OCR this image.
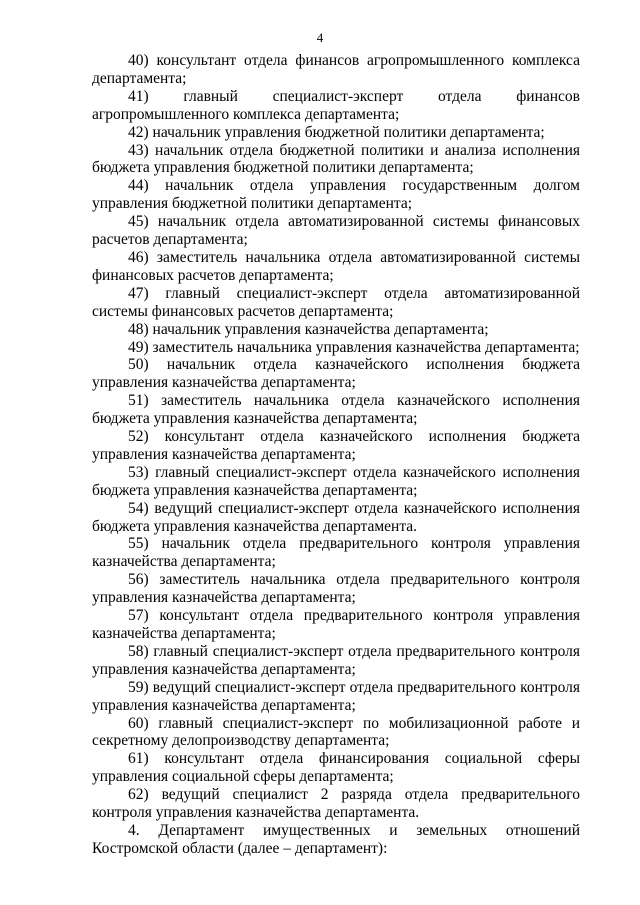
4

40) консультант отдела финансов агропромышленного комплекса департамента;

41) главный специалист-эксперт отдела финансов агропромышленного комплекса департамента;

42) начальник управления бюджетной политики департамента;

43) начальник отдела бюджетной политики и анализа исполнения бюджета управления бюджетной политики департамента;

44) начальник отдела управления государственным долгом управления бюджетной политики департамента;

45) начальник отдела автоматизированной системы финансовых расчетов департамента;

46) заместитель начальника отдела автоматизированной системы финансовых расчетов департамента;

47) главный специалист-эксперт отдела автоматизированной системы финансовых расчетов департамента;

48) начальник управления казначейства департамента;

49) заместитель начальника управления казначейства департамента;

50) начальник отдела казначейского исполнения бюджета управления казначейства департамента;

51) заместитель начальника отдела казначейского исполнения бюджета управления казначейства департамента;

52) консультант отдела казначейского исполнения бюджета управления казначейства департамента;

53) главный специалист-эксперт отдела казначейского исполнения бюджета управления казначейства департамента;

54) ведущий специалист-эксперт отдела казначейского исполнения бюджета управления казначейства департамента.

55) начальник отдела предварительного контроля управления казначейства департамента;

56) заместитель начальника отдела предварительного контроля управления казначейства департамента;

57) консультант отдела предварительного контроля управления казначейства департамента;

58) главный специалист-эксперт отдела предварительного контроля управления казначейства департамента;

59) ведущий специалист-эксперт отдела предварительного контроля управления казначейства департамента;

60) главный специалист-эксперт по мобилизационной работе и секретному делопроизводству департамента;

61) консультант отдела финансирования социальной сферы управления социальной сферы департамента;

62) ведущий специалист 2 разряда отдела предварительного контроля управления казначейства департамента.

4. Департамент имущественных и земельных отношений Костромской области (далее – департамент):
